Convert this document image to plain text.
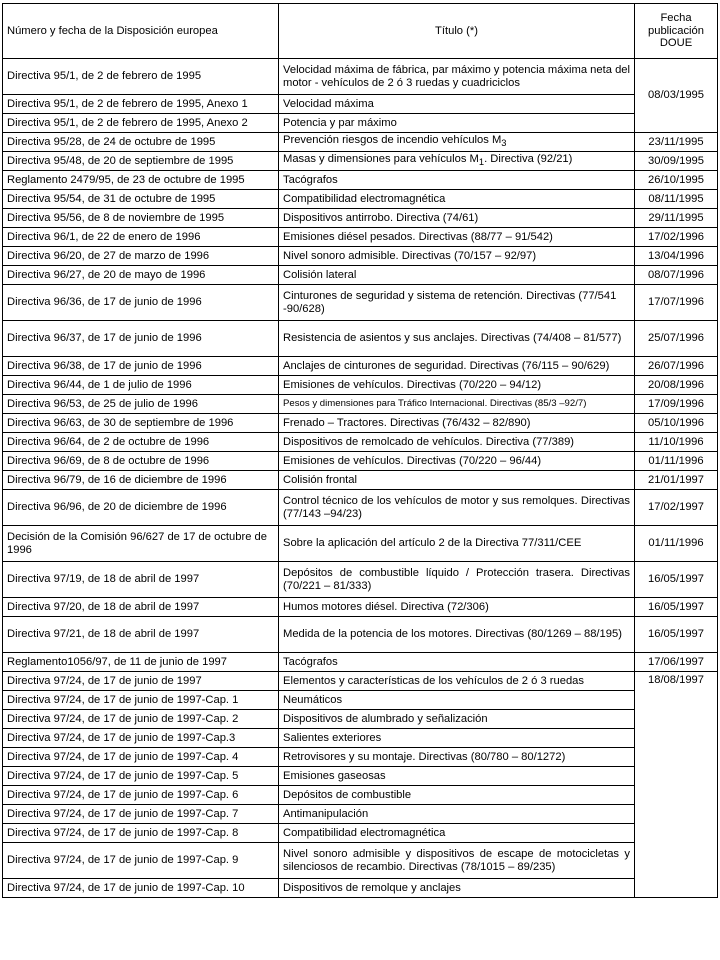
Número y fecha de la Disposición europea	Título (*)	Fecha
publicación
DOUE

Directiva 95/1, de 2 de febrero de 1995	Velocidad máxima de fábrica, par máximo y potencia máxima neta del motor - vehículos de 2 ó 3 ruedas y cuadriciclos	08/03/1995
Directiva 95/1, de 2 de febrero de 1995, Anexo 1	Velocidad máxima	
Directiva 95/1, de 2 de febrero de 1995, Anexo 2	Potencia y par máximo	
Directiva 95/28, de 24 de octubre de 1995	Prevención riesgos de incendio vehículos $M_3$	23/11/1995
Directiva 95/48, de 20 de septiembre de 1995	Masas y dimensiones para vehículos $M_1$. Directiva (92/21)	30/09/1995
Reglamento 2479/95, de 23 de octubre de 1995	Tacógrafos	26/10/1995
Directiva 95/54, de 31 de octubre de 1995	Compatibilidad electromagnética	08/11/1995
Directiva 95/56, de 8 de noviembre de 1995	Dispositivos antirrobo. Directiva (74/61)	29/11/1995
Directiva 96/1, de 22 de enero de 1996	Emisiones diésel pesados. Directivas (88/77 – 91/542)	17/02/1996
Directiva 96/20, de 27 de marzo de 1996	Nivel sonoro admisible. Directivas (70/157 – 92/97)	13/04/1996
Directiva 96/27, de 20 de mayo de 1996	Colisión lateral	08/07/1996
Directiva 96/36, de 17 de junio de 1996	Cinturones de seguridad y sistema de retención. Directivas (77/541 -90/628)	17/07/1996
Directiva 96/37, de 17 de junio de 1996	Resistencia de asientos y sus anclajes. Directivas (74/408 – 81/577)	25/07/1996
Directiva 96/38, de 17 de junio de 1996	Anclajes de cinturones de seguridad. Directivas (76/115 – 90/629)	26/07/1996
Directiva 96/44, de 1 de julio de 1996	Emisiones de vehículos. Directivas (70/220 – 94/12)	20/08/1996
Directiva 96/53, de 25 de julio de 1996	Pesos y dimensiones para Tráfico Internacional. Directivas (85/3 –92/7)	17/09/1996
Directiva 96/63, de 30 de septiembre de 1996	Frenado – Tractores. Directivas (76/432 – 82/890)	05/10/1996
Directiva 96/64, de 2 de octubre de 1996	Dispositivos de remolcado de vehículos. Directiva (77/389)	11/10/1996
Directiva 96/69, de 8 de octubre de 1996	Emisiones de vehículos. Directivas (70/220 – 96/44)	01/11/1996
Directiva 96/79, de 16 de diciembre de 1996	Colisión frontal	21/01/1997
Directiva 96/96, de 20 de diciembre de 1996	Control técnico de los vehículos de motor y sus remolques. Directivas (77/143 –94/23)	17/02/1997
Decisión de la Comisión 96/627 de 17 de octubre de 1996	Sobre la aplicación del artículo 2 de la Directiva 77/311/CEE	01/11/1996
Directiva 97/19, de 18 de abril de 1997	Depósitos de combustible líquido / Protección trasera. Directivas (70/221 – 81/333)	16/05/1997
Directiva 97/20, de 18 de abril de 1997	Humos motores diésel. Directiva (72/306)	16/05/1997
Directiva 97/21, de 18 de abril de 1997	Medida de la potencia de los motores. Directivas (80/1269 – 88/195)	16/05/1997
Reglamento1056/97, de 11 de junio de 1997	Tacógrafos	17/06/1997
Directiva 97/24, de 17 de junio de 1997	Elementos y características de los vehículos de 2 ó 3 ruedas	18/08/1997
Directiva 97/24, de 17 de junio de 1997-Cap. 1	Neumáticos	
Directiva 97/24, de 17 de junio de 1997-Cap. 2	Dispositivos de alumbrado y señalización	
Directiva 97/24, de 17 de junio de 1997-Cap.3	Salientes exteriores	
Directiva 97/24, de 17 de junio de 1997-Cap. 4	Retrovisores y su montaje. Directivas (80/780 – 80/1272)	
Directiva 97/24, de 17 de junio de 1997-Cap. 5	Emisiones gaseosas	
Directiva 97/24, de 17 de junio de 1997-Cap. 6	Depósitos de combustible	
Directiva 97/24, de 17 de junio de 1997-Cap. 7	Antimanipulación	
Directiva 97/24, de 17 de junio de 1997-Cap. 8	Compatibilidad electromagnética	
Directiva 97/24, de 17 de junio de 1997-Cap. 9	Nivel sonoro admisible y dispositivos de escape de motocicletas y silenciosos de recambio. Directivas (78/1015 – 89/235)	
Directiva 97/24, de 17 de junio de 1997-Cap. 10	Dispositivos de remolque y anclajes	
